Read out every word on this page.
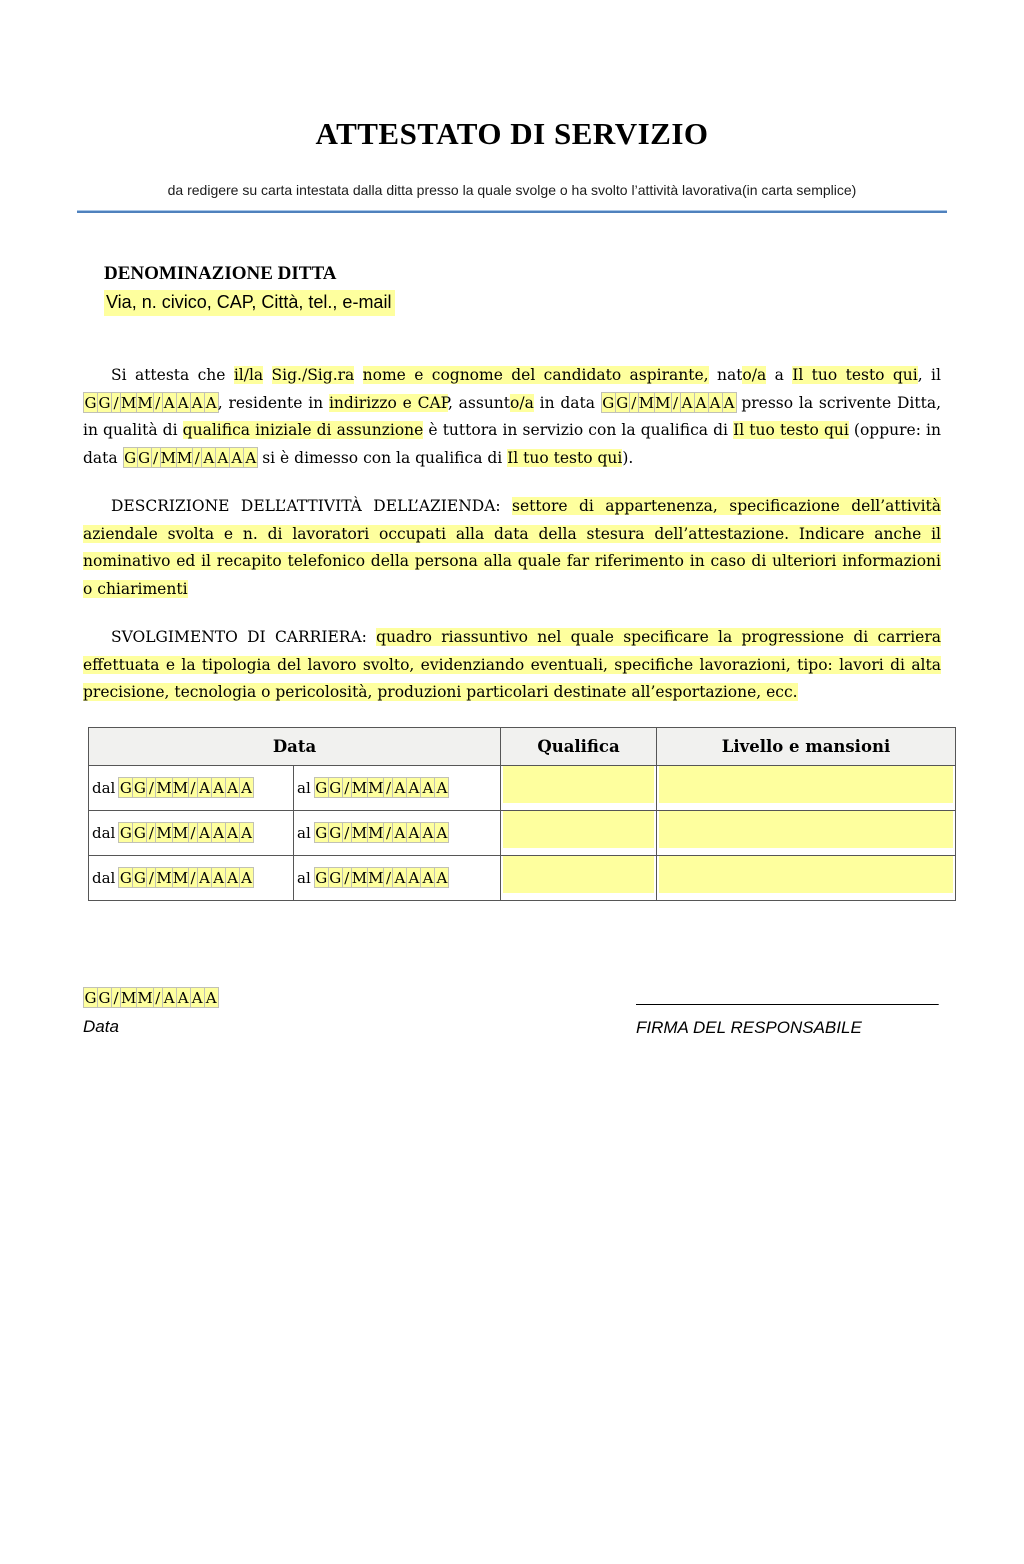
ATTESTATO DI SERVIZIO
da redigere su carta intestata dalla ditta presso la quale svolge o ha svolto l’attività lavorativa(in carta semplice)
DENOMINAZIONE DITTA
Via, n. civico, CAP, Città, tel., e-mail

Si attesta che il/la Sig./Sig.ra nome e cognome del candidato aspirante, nato/a a Il tuo testo qui, il G G / MM / A A A A, residente in indirizzo e CAP, assunto/a in data G G / MM / A A A A presso la scrivente Ditta, in qualità di qualifica iniziale di assunzione è tuttora in servizio con la qualifica di Il tuo testo qui (oppure: in data G G / MM / A A A A si è dimesso con la qualifica di Il tuo testo qui).

DESCRIZIONE DELL’ATTIVITÀ DELL’AZIENDA: settore di appartenenza, specificazione dell’attività aziendale svolta e n. di lavoratori occupati alla data della stesura dell’attestazione. Indicare anche il nominativo ed il recapito telefonico della persona alla quale far riferimento in caso di ulteriori informazioni o chiarimenti

SVOLGIMENTO DI CARRIERA: quadro riassuntivo nel quale specificare la progressione di carriera effettuata e la tipologia del lavoro svolto, evidenziando eventuali, specifiche lavorazioni, tipo: lavori di alta precisione, tecnologia o pericolosità, produzioni particolari destinate all’esportazione, ecc.

Data		Qualifica	Livello e mansioni
dal G G / MM / A A A A	al G G / MM / A A A A	

dal G G / MM / A A A A	al G G / MM / A A A A	

dal G G / MM / A A A A	al G G / MM / A A A A	

G G / MM / A A A A
Data
__________________________________
FIRMA DEL RESPONSABILE
